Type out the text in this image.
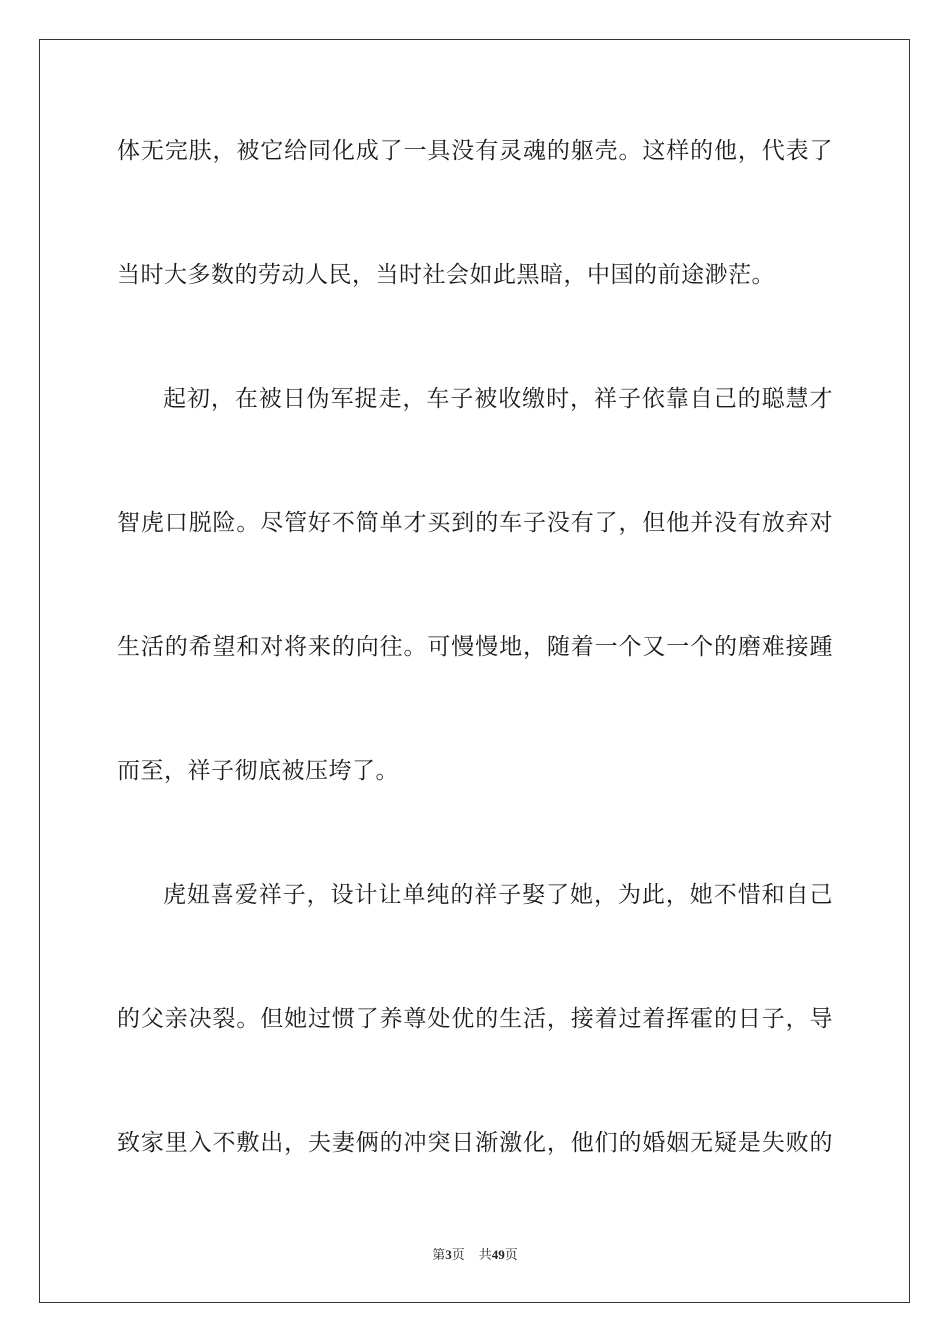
体无完肤，被它给同化成了一具没有灵魂的躯壳。这样的他，代表了
当时大多数的劳动人民，当时社会如此黑暗，中国的前途渺茫。
起初，在被日伪军捉走，车子被收缴时，祥子依靠自己的聪慧才
智虎口脱险。尽管好不简单才买到的车子没有了，但他并没有放弃对
生活的希望和对将来的向往。可慢慢地，随着一个又一个的磨难接踵
而至，祥子彻底被压垮了。
虎妞喜爱祥子，设计让单纯的祥子娶了她，为此，她不惜和自己
的父亲决裂。但她过惯了养尊处优的生活，接着过着挥霍的日子，导
致家里入不敷出，夫妻俩的冲突日渐激化，他们的婚姻无疑是失败的
第3页 共49页
